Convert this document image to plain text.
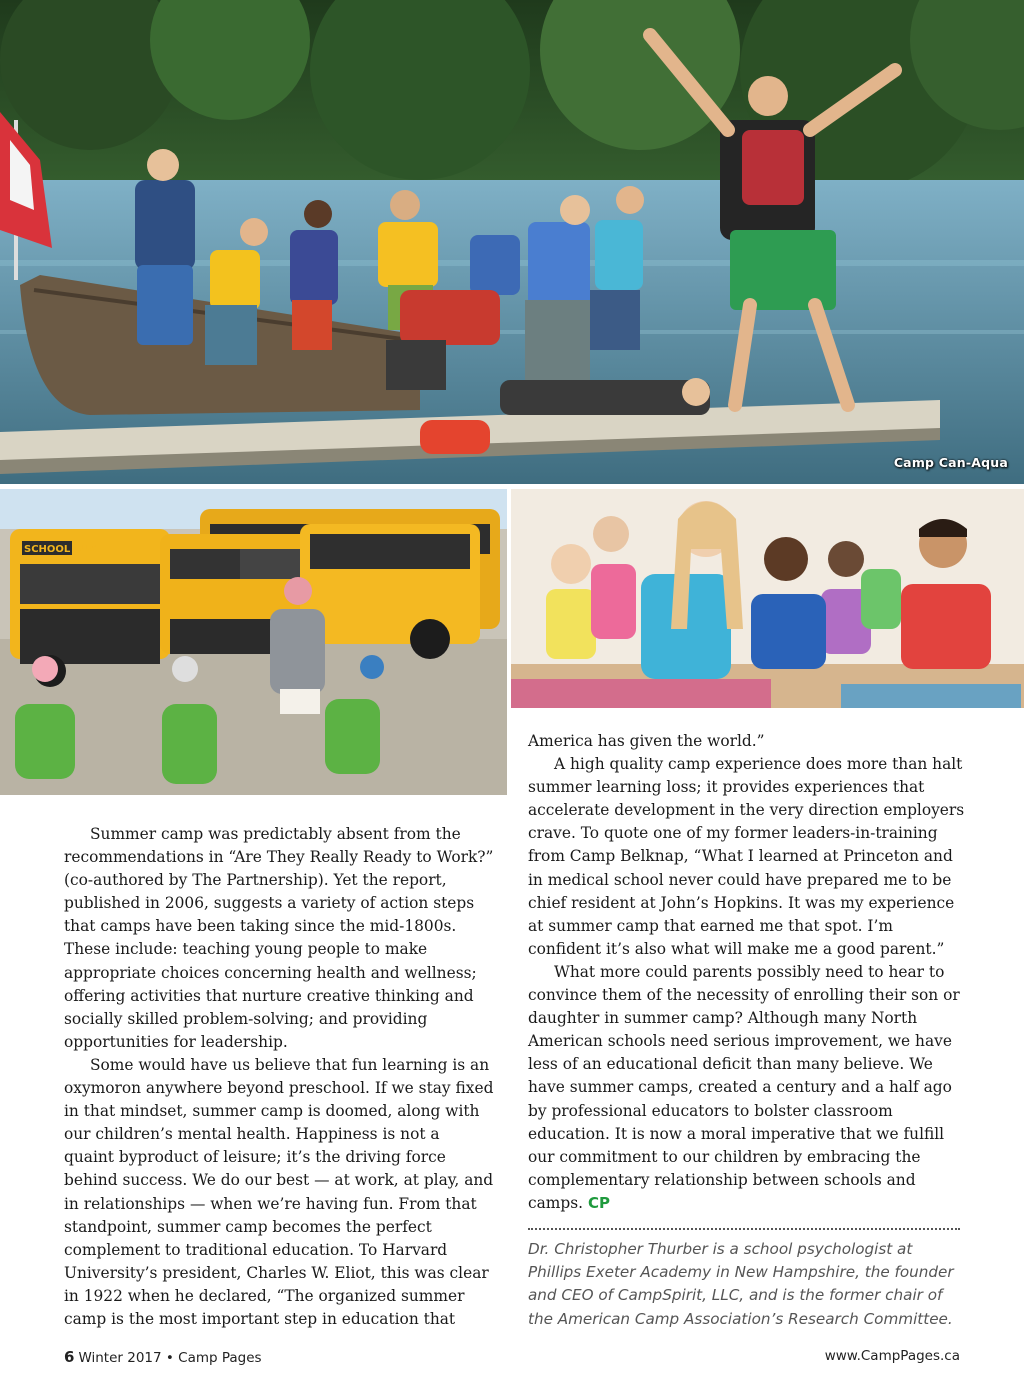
Camp Can-Aqua
SCHOOL BUS

Summer camp was predictably absent from the recommendations in “Are They Really Ready to Work?” (co-authored by The Partnership). Yet the report, published in 2006, suggests a variety of action steps that camps have been taking since the mid-1800s. These include: teaching young people to make appropriate choices concerning health and wellness; offering activities that nurture creative thinking and socially skilled problem-solving; and providing opportunities for leadership.

Some would have us believe that fun learning is an oxymoron anywhere beyond preschool. If we stay fixed in that mindset, summer camp is doomed, along with our children’s mental health. Happiness is not a quaint byproduct of leisure; it’s the driving force behind success. We do our best — at work, at play, and in relationships — when we’re having fun. From that standpoint, summer camp becomes the perfect complement to traditional education. To Harvard University’s president, Charles W. Eliot, this was clear in 1922 when he declared, “The organized summer camp is the most important step in education that

America has given the world.”

A high quality camp experience does more than halt summer learning loss; it provides experiences that accelerate development in the very direction employers crave. To quote one of my former leaders-in-training from Camp Belknap, “What I learned at Princeton and in medical school never could have prepared me to be chief resident at John’s Hopkins. It was my experience at summer camp that earned me that spot. I’m confident it’s also what will make me a good parent.”

What more could parents possibly need to hear to convince them of the necessity of enrolling their son or daughter in summer camp? Although many North American schools need serious improvement, we have less of an educational deficit than many believe. We have summer camps, created a century and a half ago by professional educators to bolster classroom education. It is now a moral imperative that we fulfill our commitment to our children by embracing the complementary relationship between schools and camps. CP

Dr. Christopher Thurber is a school psychologist at Phillips Exeter Academy in New Hampshire, the founder and CEO of CampSpirit, LLC, and is the former chair of the American Camp Association’s Research Committee.
6 Winter 2017 • Camp Pages	www.CampPages.ca
